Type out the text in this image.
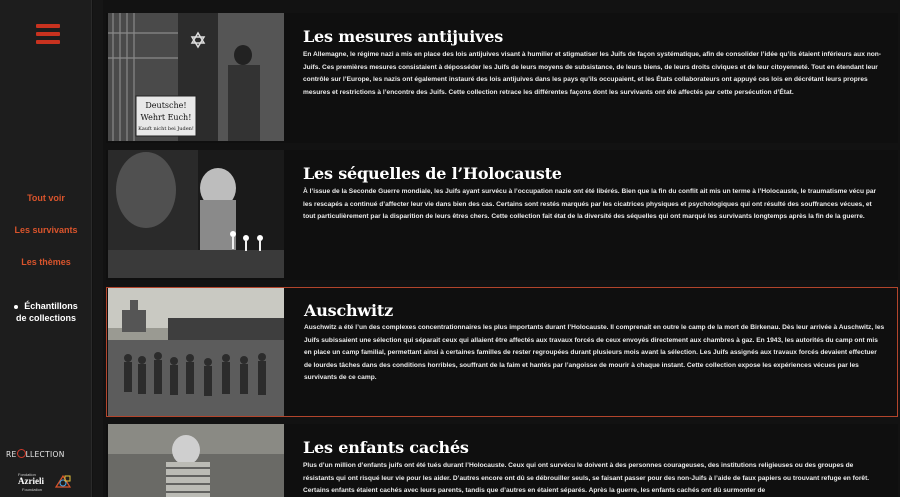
Tout voir
Les survivants
Les thèmes

Échantillons
de collections

RE LLECTION
Fondation
Azrieli
Foundation
Deutsche!
Wehrt Euch!
Kauft nicht bei Juden!
Les mesures antijuives
En Allemagne, le régime nazi a mis en place des lois antijuives visant à humilier et stigmatiser les Juifs de façon systématique, afin de consolider l’idée qu’ils étaient inférieurs aux non-Juifs. Ces premières mesures consistaient à déposséder les Juifs de leurs moyens de subsistance, de leurs biens, de leurs droits civiques et de leur citoyenneté. Tout en étendant leur contrôle sur l’Europe, les nazis ont également instauré des lois antijuives dans les pays qu’ils occupaient, et les États collaborateurs ont appuyé ces lois en décrétant leurs propres mesures et restrictions à l’encontre des Juifs. Cette collection retrace les différentes façons dont les survivants ont été affectés par cette persécution d’État.
Les séquelles de l’Holocauste
À l’issue de la Seconde Guerre mondiale, les Juifs ayant survécu à l’occupation nazie ont été libérés. Bien que la fin du conflit ait mis un terme à l’Holocauste, le traumatisme vécu par les rescapés a continué d’affecter leur vie dans bien des cas. Certains sont restés marqués par les cicatrices physiques et psychologiques qui ont résulté des souffrances vécues, et tout particulièrement par la disparition de leurs êtres chers. Cette collection fait état de la diversité des séquelles qui ont marqué les survivants longtemps après la fin de la guerre.
Auschwitz
Auschwitz a été l’un des complexes concentrationnaires les plus importants durant l’Holocauste. Il comprenait en outre le camp de la mort de Birkenau. Dès leur arrivée à Auschwitz, les Juifs subissaient une sélection qui séparait ceux qui allaient être affectés aux travaux forcés de ceux envoyés directement aux chambres à gaz. En 1943, les autorités du camp ont mis en place un camp familial, permettant ainsi à certaines familles de rester regroupées durant plusieurs mois avant la sélection. Les Juifs assignés aux travaux forcés devaient effectuer de lourdes tâches dans des conditions horribles, souffrant de la faim et hantés par l’angoisse de mourir à chaque instant. Cette collection expose les expériences vécues par les survivants de ce camp.
Les enfants cachés
Plus d’un million d’enfants juifs ont été tués durant l’Holocauste. Ceux qui ont survécu le doivent à des personnes courageuses, des institutions religieuses ou des groupes de résistants qui ont risqué leur vie pour les aider. D’autres encore ont dû se débrouiller seuls, se faisant passer pour des non-Juifs à l’aide de faux papiers ou trouvant refuge en forêt. Certains enfants étaient cachés avec leurs parents, tandis que d’autres en étaient séparés. Après la guerre, les enfants cachés ont dû surmonter de
